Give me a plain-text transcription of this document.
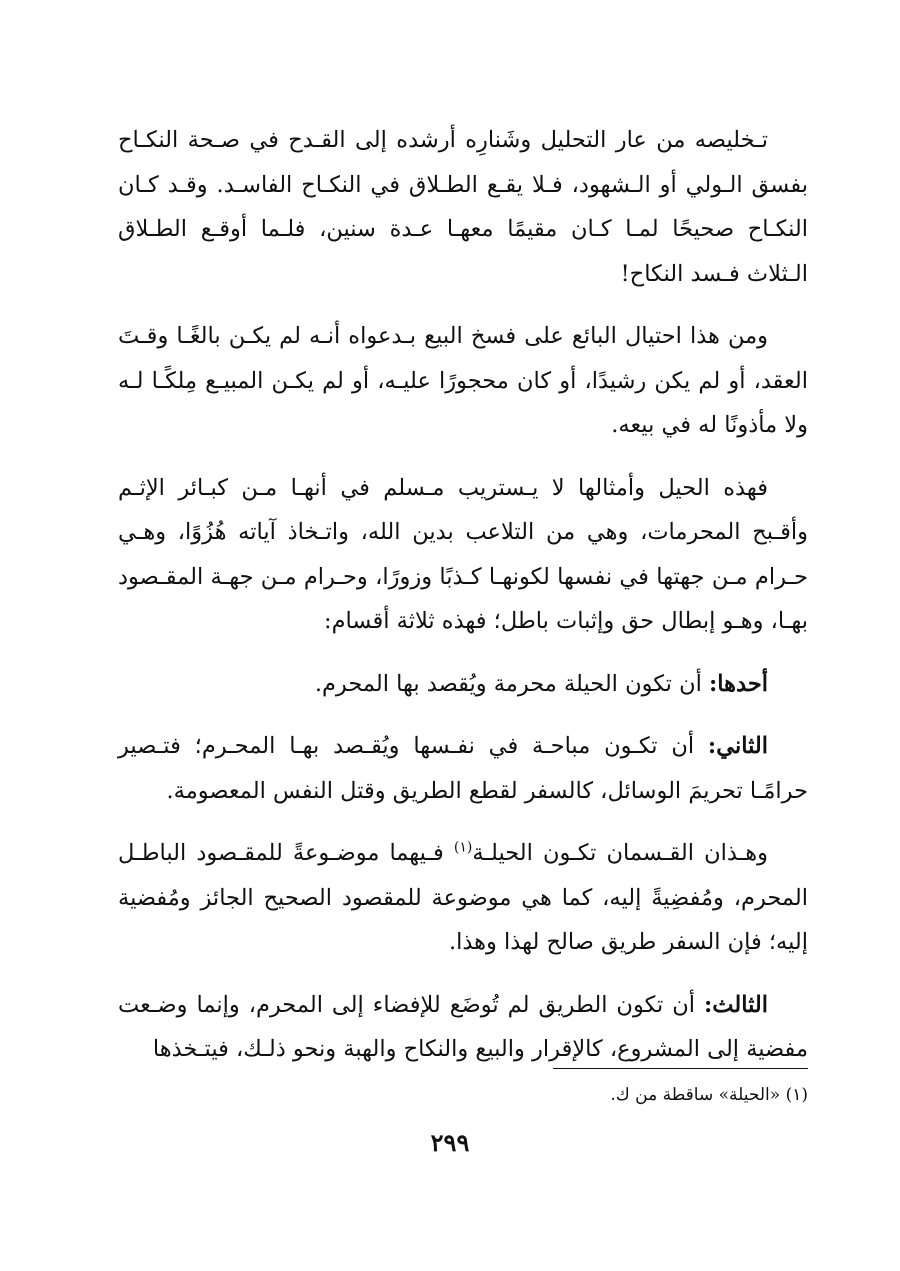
تـخليصه من عار التحليل وشَنارِه أرشده إلى القـدح في صـحة النكـاح بفسق الـولي أو الـشهود، فـلا يقـع الطـلاق في النكـاح الفاسـد. وقـد كـان النكـاح صحيحًا لمـا كـان مقيمًا معهـا عـدة سنين، فلـما أوقـع الطـلاق الـثلاث فـسد النكاح!

ومن هذا احتيال البائع على فسخ البيع بـدعواه أنـه لم يكـن بالغًـا وقـتَ العقد، أو لم يكن رشيدًا، أو كان محجورًا عليـه، أو لم يكـن المبيـع مِلكًـا لـه ولا مأذونًا له في بيعه.

فهذه الحيل وأمثالها لا يـستريب مـسلم في أنهـا مـن كبـائر الإثـم وأقـبح المحرمات، وهي من التلاعب بدين الله، واتـخاذ آياته هُزُوًا، وهـي حـرام مـن جهتها في نفسها لكونهـا كـذبًا وزورًا، وحـرام مـن جهـة المقـصود بهـا، وهـو إبطال حق وإثبات باطل؛ فهذه ثلاثة أقسام:

أحدها: أن تكون الحيلة محرمة ويُقصد بها المحرم.

الثاني: أن تكـون مباحـة في نفـسها ويُقـصد بهـا المحـرم؛ فتـصير حرامًـا تحريمَ الوسائل، كالسفر لقطع الطريق وقتل النفس المعصومة.

وهـذان القـسمان تكـون الحيلـة$^{(١)}$ فـيهما موضـوعةً للمقـصود الباطـل المحرم، ومُفضِيةً إليه، كما هي موضوعة للمقصود الصحيح الجائز ومُفضية إليه؛ فإن السفر طريق صالح لهذا وهذا.

الثالث: أن تكون الطريق لم تُوضَع للإفضاء إلى المحرم، وإنما وضـعت مفضية إلى المشروع، كالإقرار والبيع والنكاح والهبة ونحو ذلـك، فيتـخذها

(١) «الحيلة» ساقطة من ك.
٢٩٩
